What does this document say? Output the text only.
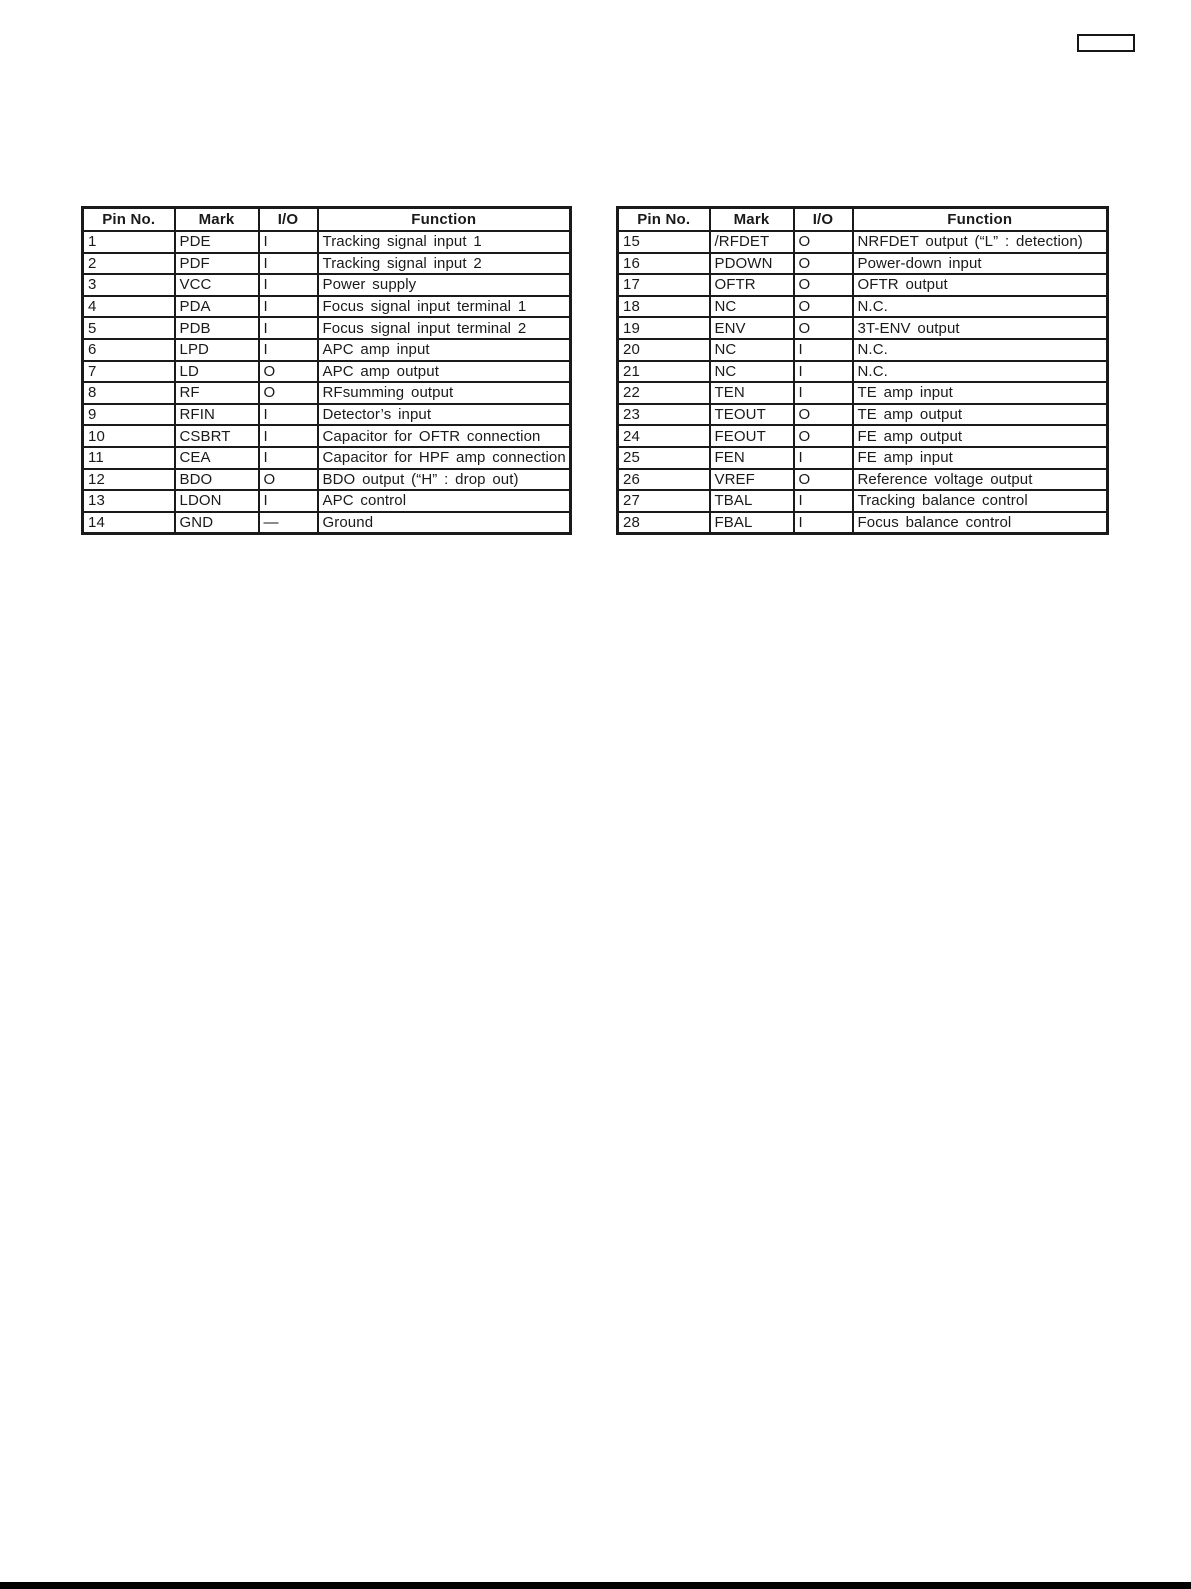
Pin No.	Mark	I/O	Function
1	PDE	I	Tracking signal input 1
2	PDF	I	Tracking signal input 2
3	VCC	I	Power supply
4	PDA	I	Focus signal input terminal 1
5	PDB	I	Focus signal input terminal 2
6	LPD	I	APC amp input
7	LD	O	APC amp output
8	RF	O	RFsumming output
9	RFIN	I	Detector’s input
10	CSBRT	I	Capacitor for OFTR connection
11	CEA	I	Capacitor for HPF amp connection
12	BDO	O	BDO output (“H” : drop out)
13	LDON	I	APC control
14	GND	—	Ground
Pin No.	Mark	I/O	Function
15	/RFDET	O	NRFDET output (“L” : detection)
16	PDOWN	O	Power-down input
17	OFTR	O	OFTR output
18	NC	O	N.C.
19	ENV	O	3T-ENV output
20	NC	I	N.C.
21	NC	I	N.C.
22	TEN	I	TE amp input
23	TEOUT	O	TE amp output
24	FEOUT	O	FE amp output
25	FEN	I	FE amp input
26	VREF	O	Reference voltage output
27	TBAL	I	Tracking balance control
28	FBAL	I	Focus balance control
